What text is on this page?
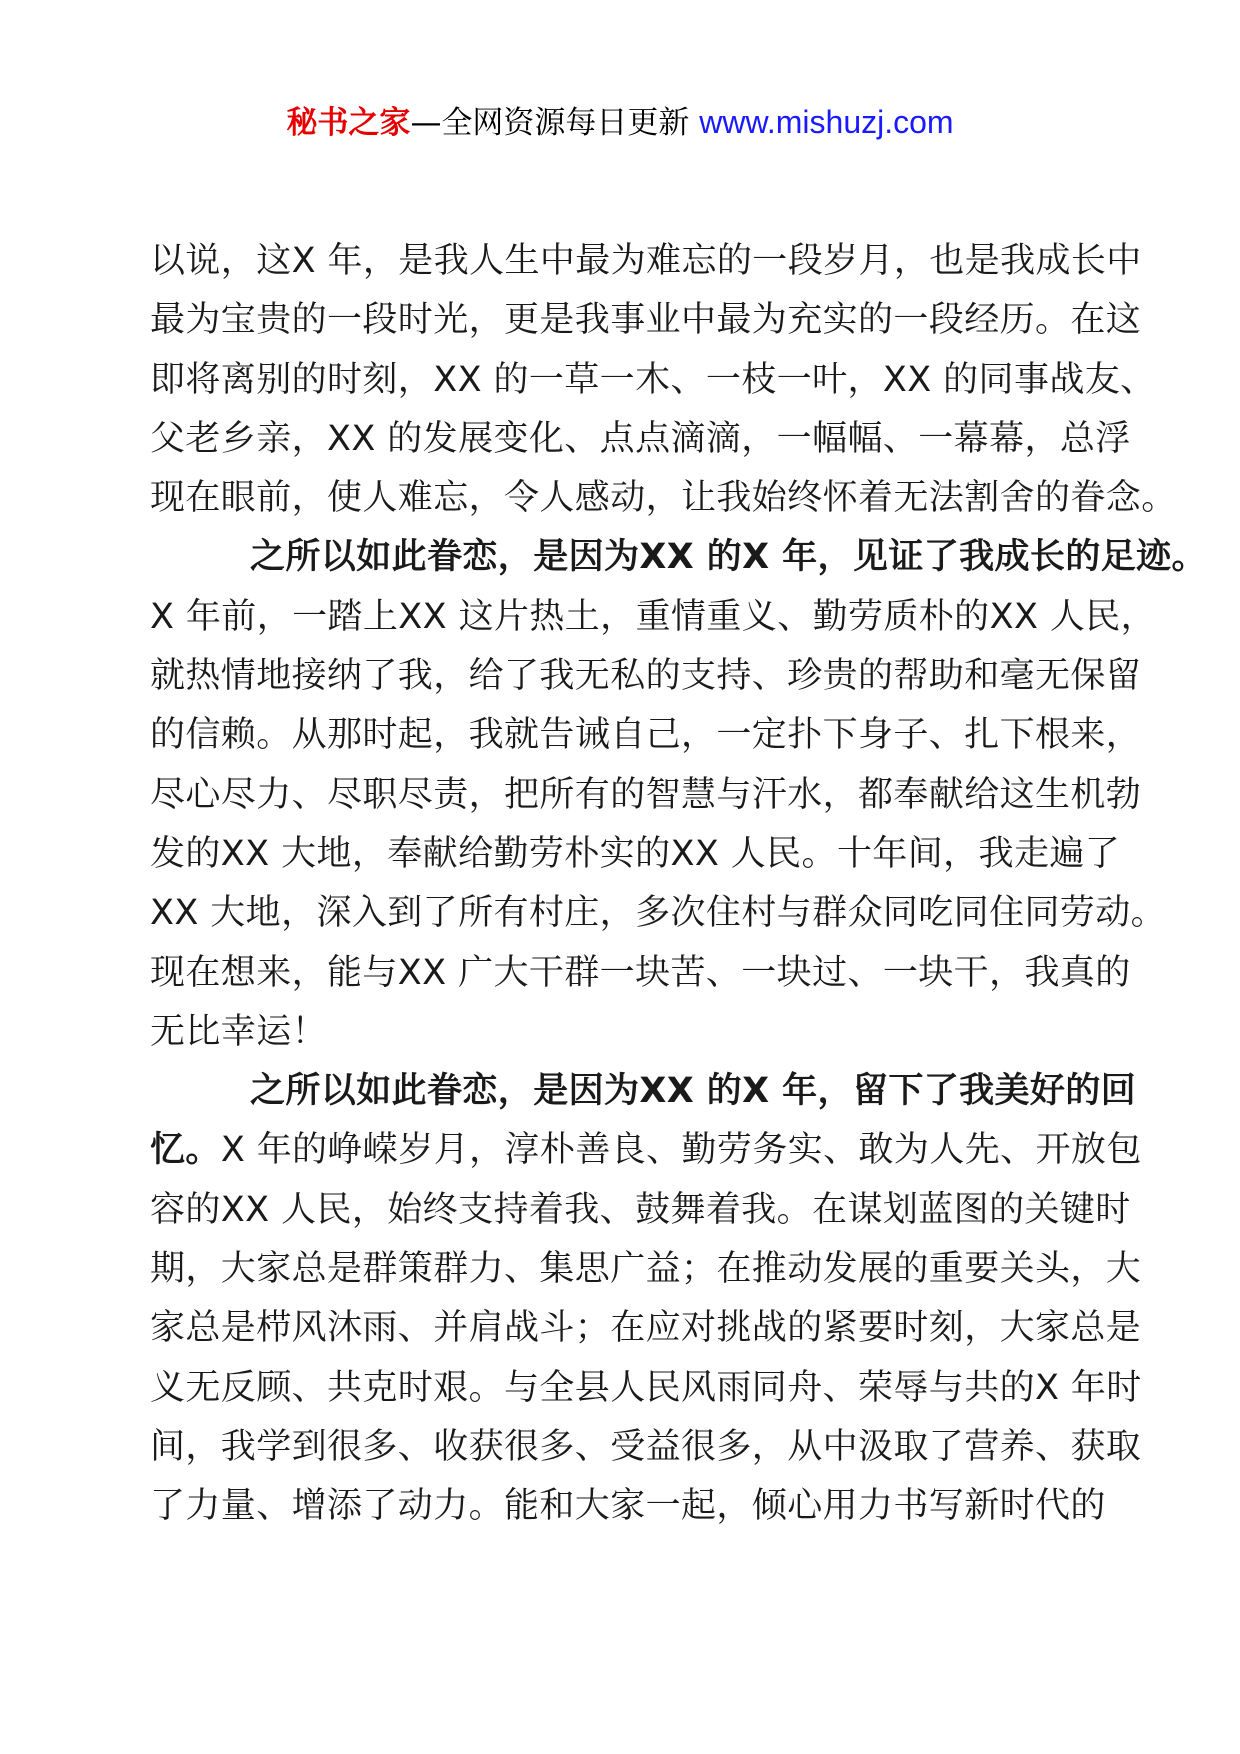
秘书之家—全网资源每日更新 www.mishuzj.com
以说，这X 年，是我人生中最为难忘的一段岁月，也是我成长中
最为宝贵的一段时光，更是我事业中最为充实的一段经历。在这
即将离别的时刻，XX 的一草一木、一枝一叶，XX 的同事战友、
父老乡亲，XX 的发展变化、点点滴滴，一幅幅、一幕幕，总浮
现在眼前，使人难忘，令人感动，让我始终怀着无法割舍的眷念。
之所以如此眷恋，是因为XX 的X 年，见证了我成长的足迹。
X 年前，一踏上XX 这片热土，重情重义、勤劳质朴的XX 人民，
就热情地接纳了我，给了我无私的支持、珍贵的帮助和毫无保留
的信赖。从那时起，我就告诫自己，一定扑下身子、扎下根来，
尽心尽力、尽职尽责，把所有的智慧与汗水，都奉献给这生机勃
发的XX 大地，奉献给勤劳朴实的XX 人民。十年间，我走遍了
XX 大地，深入到了所有村庄，多次住村与群众同吃同住同劳动。
现在想来，能与XX 广大干群一块苦、一块过、一块干，我真的
无比幸运！
之所以如此眷恋，是因为XX 的X 年，留下了我美好的回
忆。X 年的峥嵘岁月，淳朴善良、勤劳务实、敢为人先、开放包
容的XX 人民，始终支持着我、鼓舞着我。在谋划蓝图的关键时
期，大家总是群策群力、集思广益；在推动发展的重要关头，大
家总是栉风沐雨、并肩战斗；在应对挑战的紧要时刻，大家总是
义无反顾、共克时艰。与全县人民风雨同舟、荣辱与共的X 年时
间，我学到很多、收获很多、受益很多，从中汲取了营养、获取
了力量、增添了动力。能和大家一起，倾心用力书写新时代的
